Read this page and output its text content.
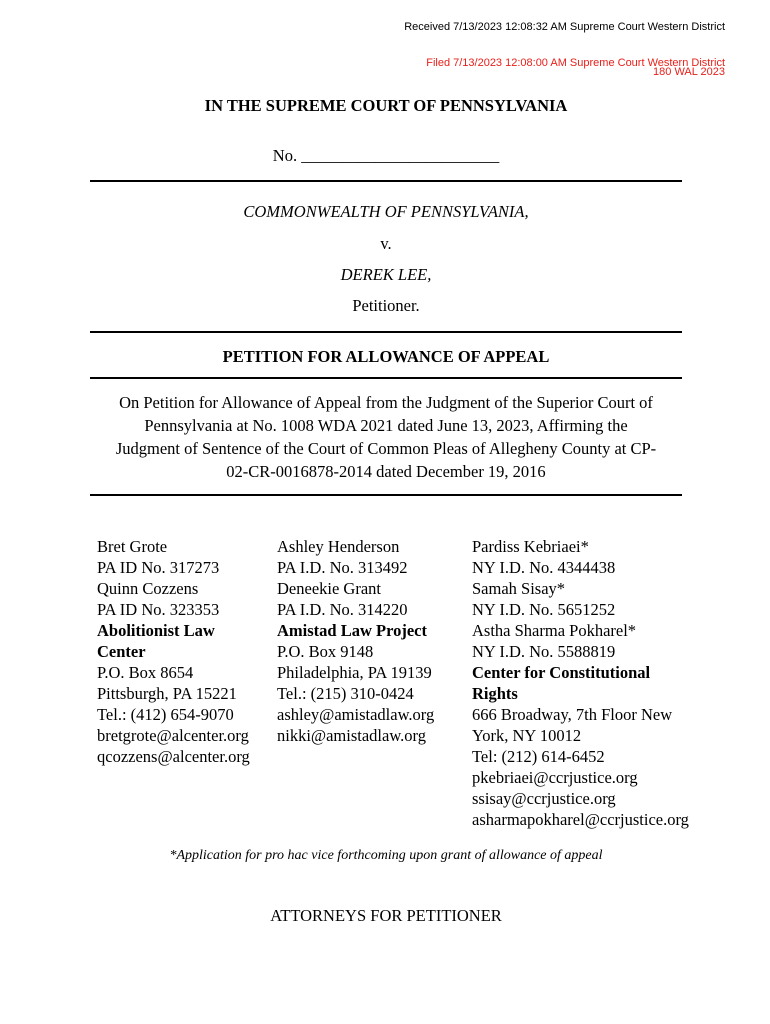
Received 7/13/2023 12:08:32 AM Supreme Court Western District
Filed 7/13/2023 12:08:00 AM Supreme Court Western District
180 WAL 2023
IN THE SUPREME COURT OF PENNSYLVANIA
No. ________________________
COMMONWEALTH OF PENNSYLVANIA,
v.
DEREK LEE,
Petitioner.
PETITION FOR ALLOWANCE OF APPEAL
On Petition for Allowance of Appeal from the Judgment of the Superior Court of
Pennsylvania at No. 1008 WDA 2021 dated June 13, 2023, Affirming the
Judgment of Sentence of the Court of Common Pleas of Allegheny County at CP-
02-CR-0016878-2014 dated December 19, 2016
Bret Grote
PA ID No. 317273
Quinn Cozzens
PA ID No. 323353
Abolitionist Law
Center
P.O. Box 8654
Pittsburgh, PA 15221
Tel.: (412) 654-9070
bretgrote@alcenter.org
qcozzens@alcenter.org
Ashley Henderson
PA I.D. No. 313492
Deneekie Grant
PA I.D. No. 314220
Amistad Law Project
P.O. Box 9148
Philadelphia, PA 19139
Tel.: (215) 310-0424
ashley@amistadlaw.org
nikki@amistadlaw.org
Pardiss Kebriaei*
NY I.D. No. 4344438
Samah Sisay*
NY I.D. No. 5651252
Astha Sharma Pokharel*
NY I.D. No. 5588819
Center for Constitutional
Rights
666 Broadway, 7th Floor New
York, NY 10012
Tel: (212) 614-6452
pkebriaei@ccrjustice.org
ssisay@ccrjustice.org
asharmapokharel@ccrjustice.org
*Application for pro hac vice forthcoming upon grant of allowance of appeal
ATTORNEYS FOR PETITIONER
